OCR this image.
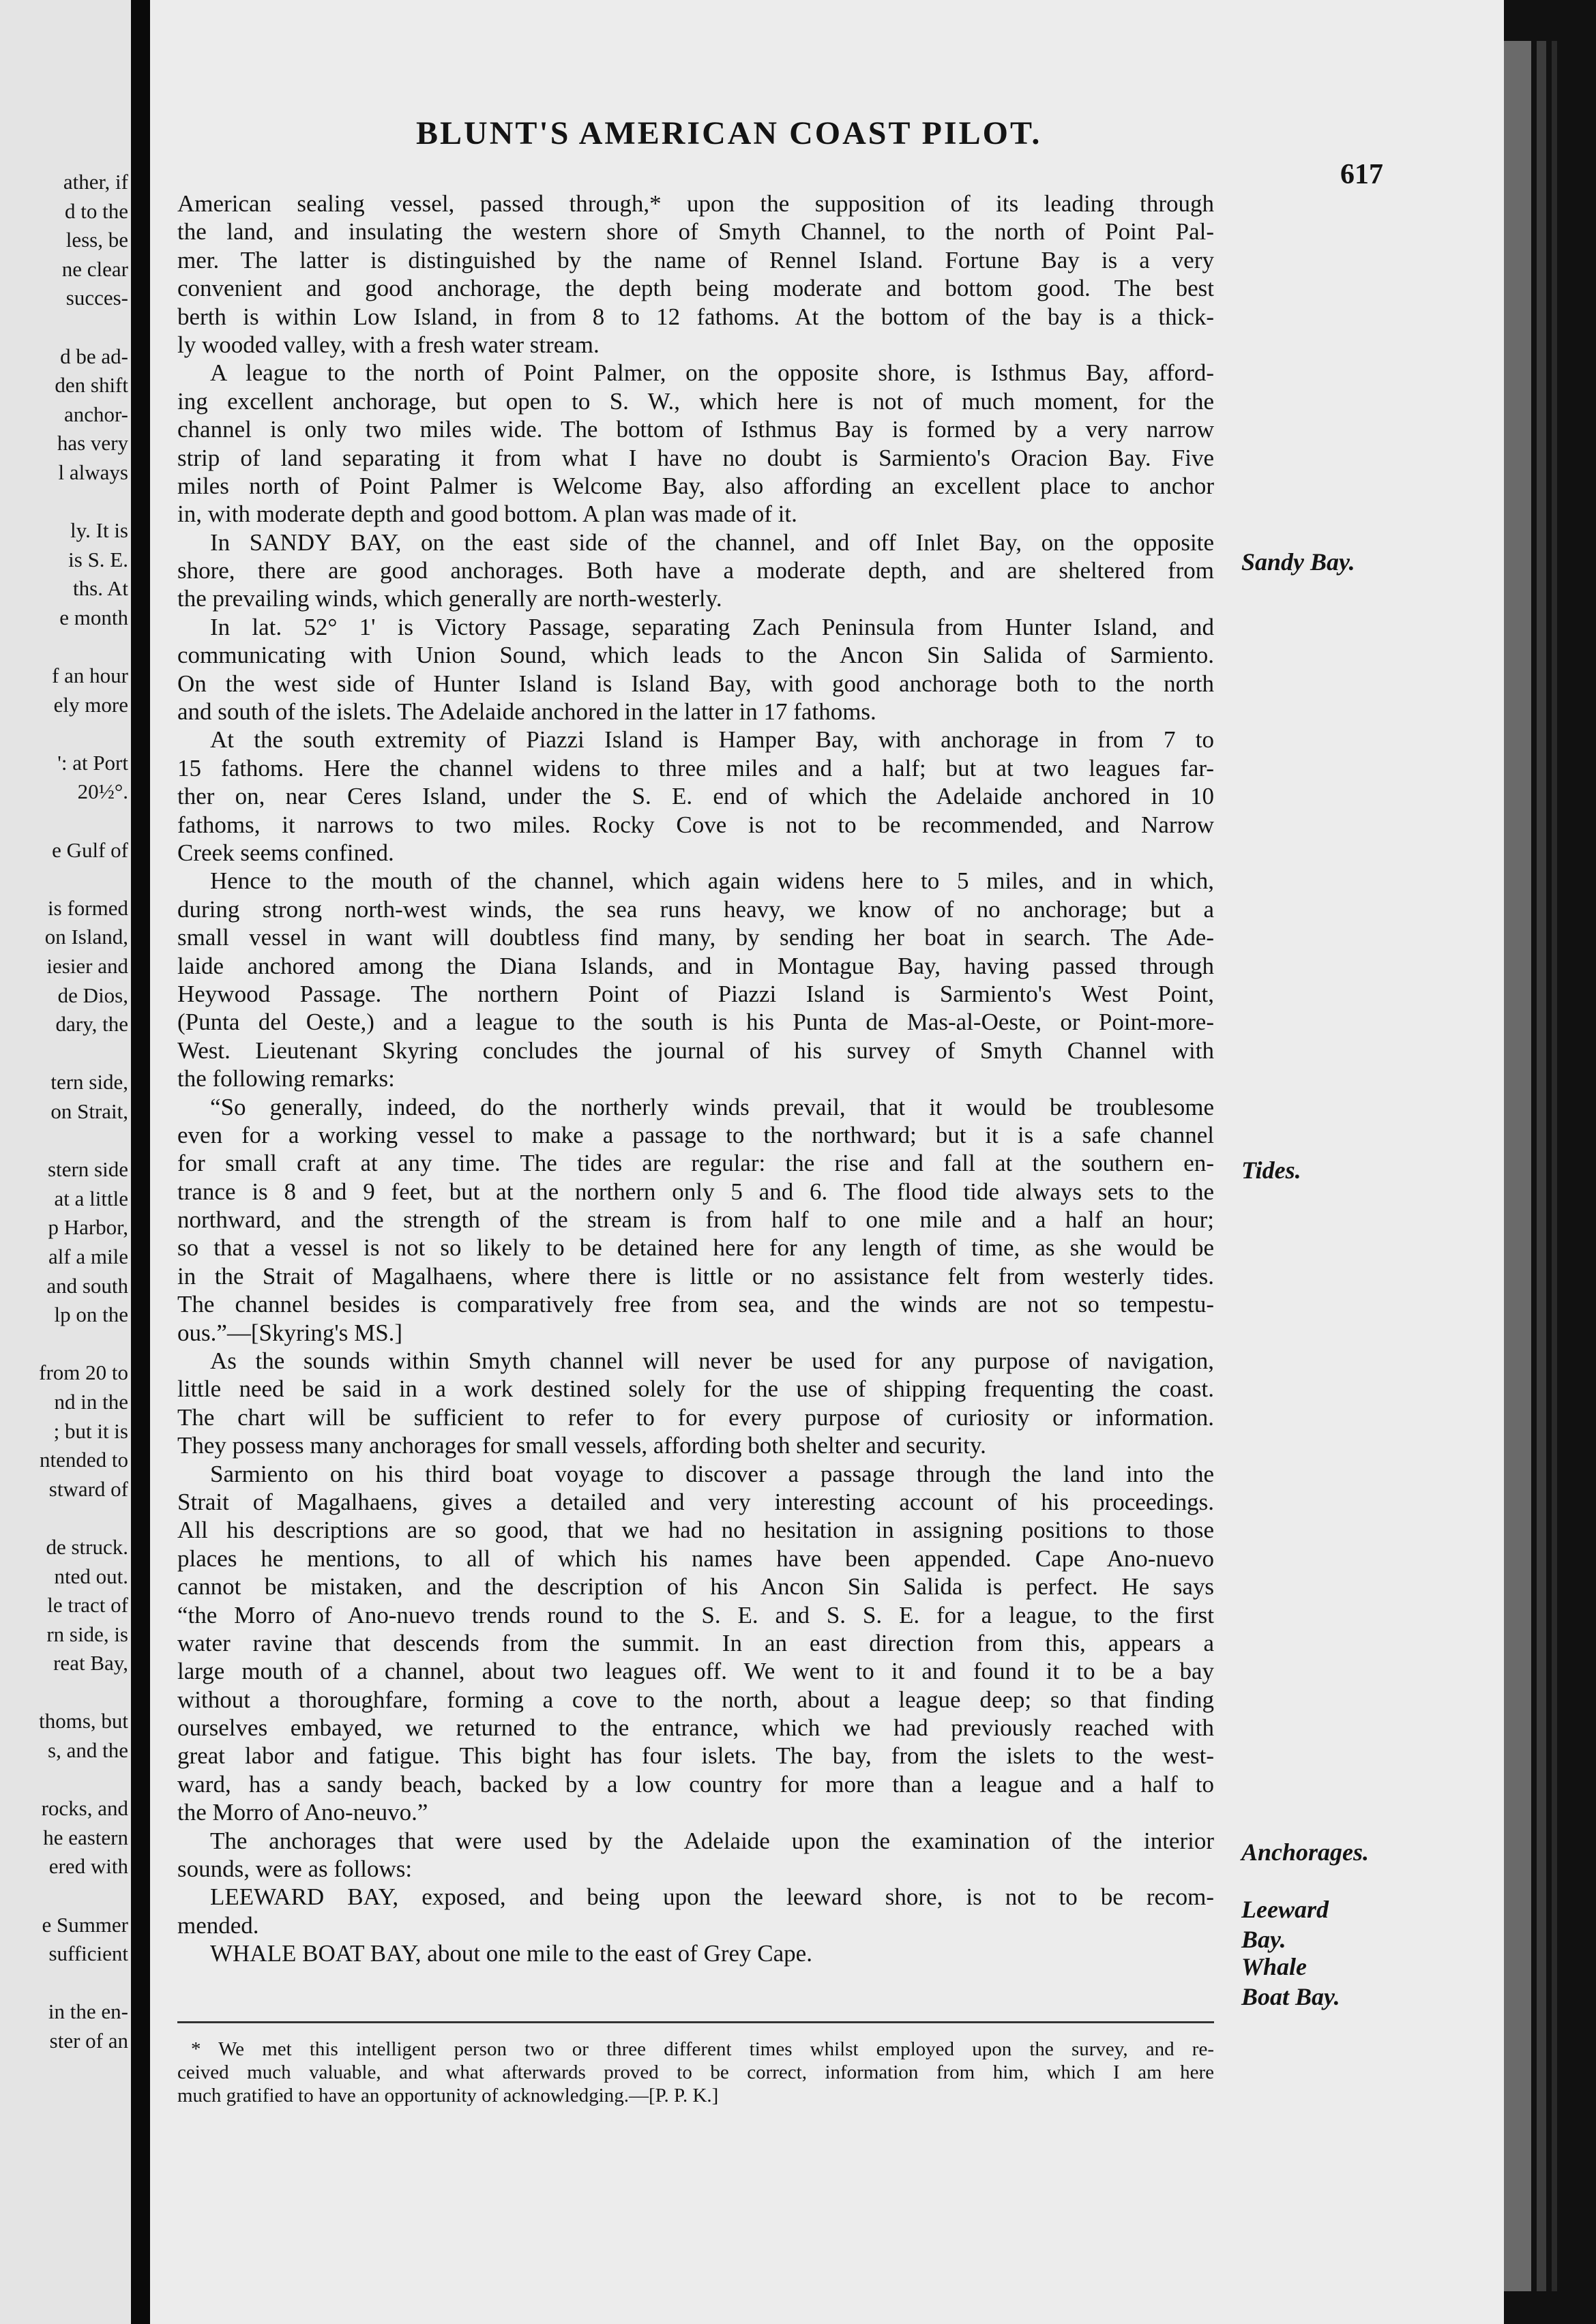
ather, if
d to the
less, be
ne clear
succes-
d be ad-
den shift
anchor-
has very
l always
ly. It is
is S. E.
ths. At
e month
f an hour
ely more
': at Port
20½°.
e Gulf of
is formed
on Island,
iesier and
de Dios,
dary, the
tern side,
on Strait,
stern side
at a little
p Harbor,
alf a mile
and south
lp on the
from 20 to
nd in the
; but it is
ntended to
stward of
de struck.
nted out.
le tract of
rn side, is
reat Bay,
thoms, but
s, and the
rocks, and
he eastern
ered with
e Summer
sufficient
in the en-
ster of an
BLUNT'S AMERICAN COAST PILOT.
617
American sealing vessel, passed through,* upon the supposition of its leading through
the land, and insulating the western shore of Smyth Channel, to the north of Point Pal-
mer. The latter is distinguished by the name of Rennel Island. Fortune Bay is a very
convenient and good anchorage, the depth being moderate and bottom good. The best
berth is within Low Island, in from 8 to 12 fathoms. At the bottom of the bay is a thick-
ly wooded valley, with a fresh water stream.
A league to the north of Point Palmer, on the opposite shore, is Isthmus Bay, afford-
ing excellent anchorage, but open to S. W., which here is not of much moment, for the
channel is only two miles wide. The bottom of Isthmus Bay is formed by a very narrow
strip of land separating it from what I have no doubt is Sarmiento's Oracion Bay. Five
miles north of Point Palmer is Welcome Bay, also affording an excellent place to anchor
in, with moderate depth and good bottom. A plan was made of it.
In SANDY BAY, on the east side of the channel, and off Inlet Bay, on the opposite
shore, there are good anchorages. Both have a moderate depth, and are sheltered from
the prevailing winds, which generally are north-westerly.
In lat. 52° 1' is Victory Passage, separating Zach Peninsula from Hunter Island, and
communicating with Union Sound, which leads to the Ancon Sin Salida of Sarmiento.
On the west side of Hunter Island is Island Bay, with good anchorage both to the north
and south of the islets. The Adelaide anchored in the latter in 17 fathoms.
At the south extremity of Piazzi Island is Hamper Bay, with anchorage in from 7 to
15 fathoms. Here the channel widens to three miles and a half; but at two leagues far-
ther on, near Ceres Island, under the S. E. end of which the Adelaide anchored in 10
fathoms, it narrows to two miles. Rocky Cove is not to be recommended, and Narrow
Creek seems confined.
Hence to the mouth of the channel, which again widens here to 5 miles, and in which,
during strong north-west winds, the sea runs heavy, we know of no anchorage; but a
small vessel in want will doubtless find many, by sending her boat in search. The Ade-
laide anchored among the Diana Islands, and in Montague Bay, having passed through
Heywood Passage. The northern Point of Piazzi Island is Sarmiento's West Point,
(Punta del Oeste,) and a league to the south is his Punta de Mas-al-Oeste, or Point-more-
West. Lieutenant Skyring concludes the journal of his survey of Smyth Channel with
the following remarks:
“So generally, indeed, do the northerly winds prevail, that it would be troublesome
even for a working vessel to make a passage to the northward; but it is a safe channel
for small craft at any time. The tides are regular: the rise and fall at the southern en-
trance is 8 and 9 feet, but at the northern only 5 and 6. The flood tide always sets to the
northward, and the strength of the stream is from half to one mile and a half an hour;
so that a vessel is not so likely to be detained here for any length of time, as she would be
in the Strait of Magalhaens, where there is little or no assistance felt from westerly tides.
The channel besides is comparatively free from sea, and the winds are not so tempestu-
ous.”—[Skyring's MS.]
As the sounds within Smyth channel will never be used for any purpose of navigation,
little need be said in a work destined solely for the use of shipping frequenting the coast.
The chart will be sufficient to refer to for every purpose of curiosity or information.
They possess many anchorages for small vessels, affording both shelter and security.
Sarmiento on his third boat voyage to discover a passage through the land into the
Strait of Magalhaens, gives a detailed and very interesting account of his proceedings.
All his descriptions are so good, that we had no hesitation in assigning positions to those
places he mentions, to all of which his names have been appended. Cape Ano-nuevo
cannot be mistaken, and the description of his Ancon Sin Salida is perfect. He says
“the Morro of Ano-nuevo trends round to the S. E. and S. S. E. for a league, to the first
water ravine that descends from the summit. In an east direction from this, appears a
large mouth of a channel, about two leagues off. We went to it and found it to be a bay
without a thoroughfare, forming a cove to the north, about a league deep; so that finding
ourselves embayed, we returned to the entrance, which we had previously reached with
great labor and fatigue. This bight has four islets. The bay, from the islets to the west-
ward, has a sandy beach, backed by a low country for more than a league and a half to
the Morro of Ano-neuvo.”
The anchorages that were used by the Adelaide upon the examination of the interior
sounds, were as follows:
LEEWARD BAY, exposed, and being upon the leeward shore, is not to be recom-
mended.
WHALE BOAT BAY, about one mile to the east of Grey Cape.
Sandy Bay.
Tides.
Anchorages.
Leeward Bay.
Whale Boat Bay.
* We met this intelligent person two or three different times whilst employed upon the survey, and re-
ceived much valuable, and what afterwards proved to be correct, information from him, which I am here
much gratified to have an opportunity of acknowledging.—[P. P. K.]
